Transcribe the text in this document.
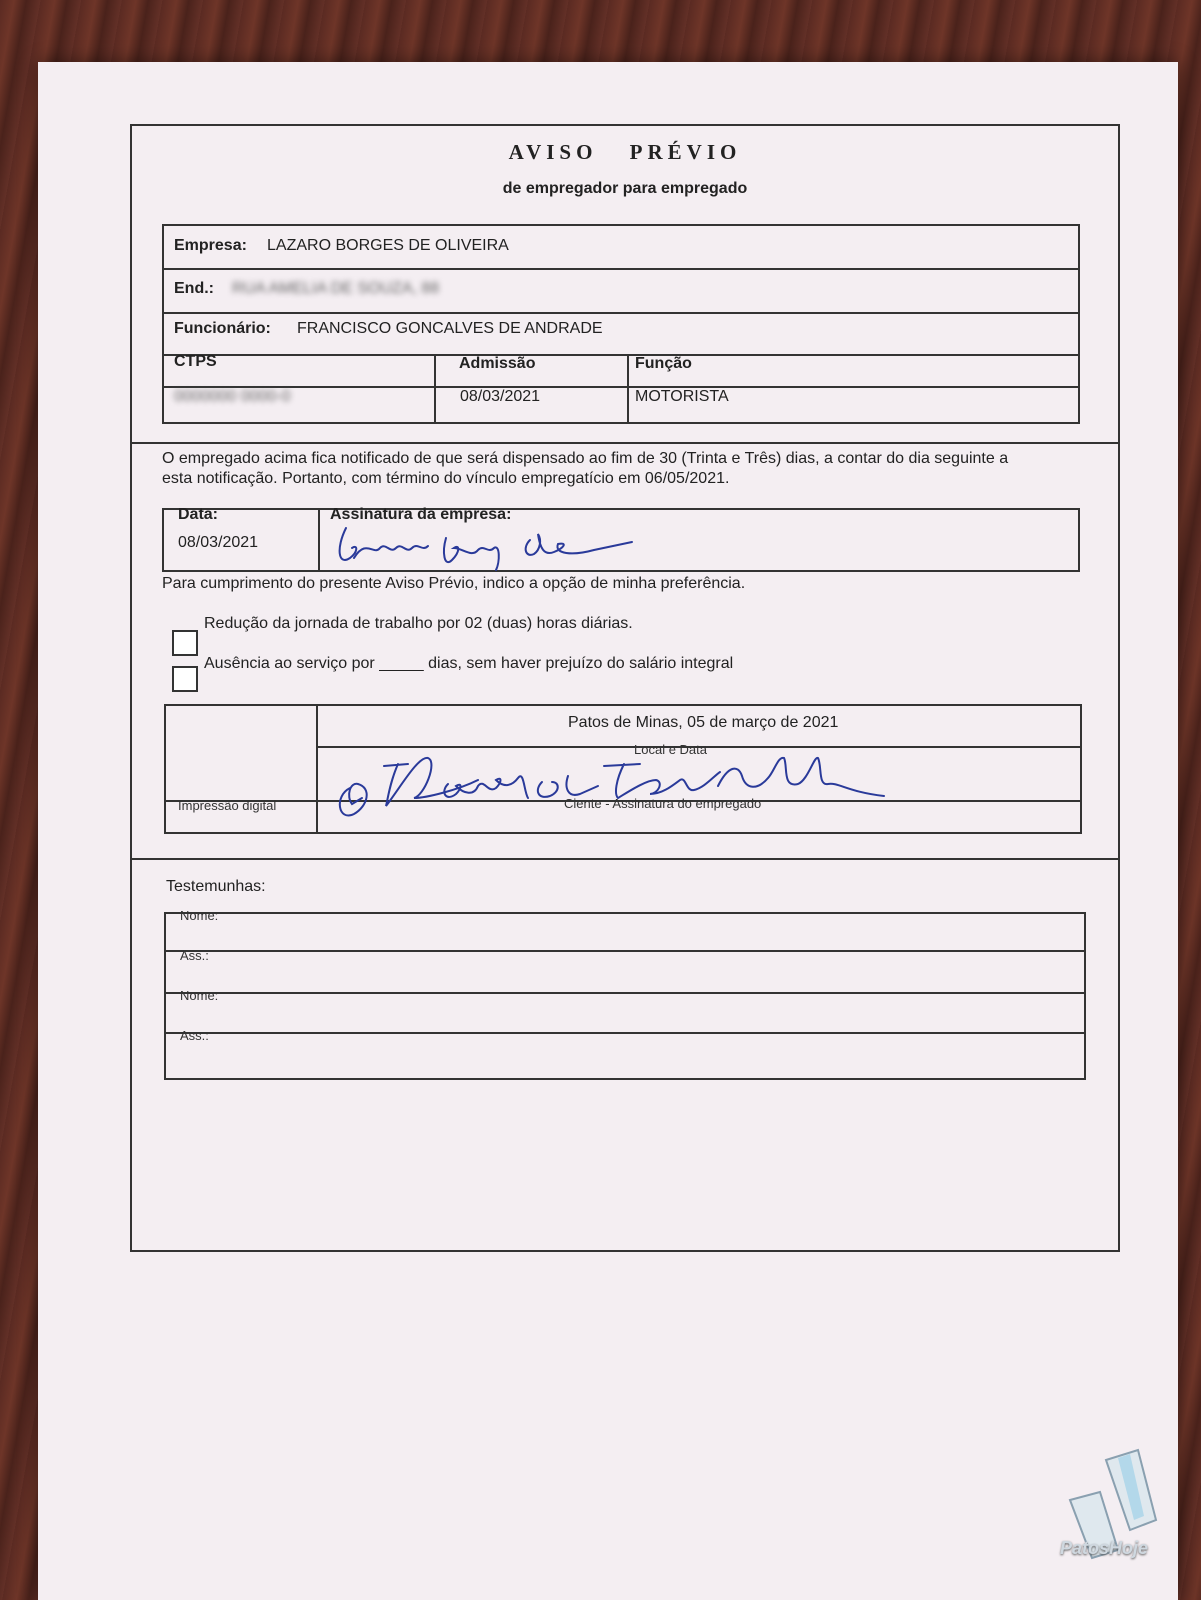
AVISO PRÉVIO
de empregador para empregado
Empresa: LAZARO BORGES DE OLIVEIRA
End.: RUA AMELIA DE SOUZA, 88
Funcionário: FRANCISCO GONCALVES DE ANDRADE
CTPS
0000000 0000-0
Admissão
08/03/2021
Função
MOTORISTA
O empregado acima fica notificado de que será dispensado ao fim de 30 (Trinta e Três) dias, a contar do dia seguinte a
esta notificação. Portanto, com término do vínculo empregatício em 06/05/2021.
Data:
08/03/2021
Assinatura da empresa:
Para cumprimento do presente Aviso Prévio, indico a opção de minha preferência.
Redução da jornada de trabalho por 02 (duas) horas diárias.
Ausência ao serviço por _____ dias, sem haver prejuízo do salário integral
Patos de Minas, 05 de março de 2021
Local e Data
Impressão digital	Ciente - Assinatura do empregado
Testemunhas:
Nome:
Ass.:
Nome:
Ass.:
PatosHoje
